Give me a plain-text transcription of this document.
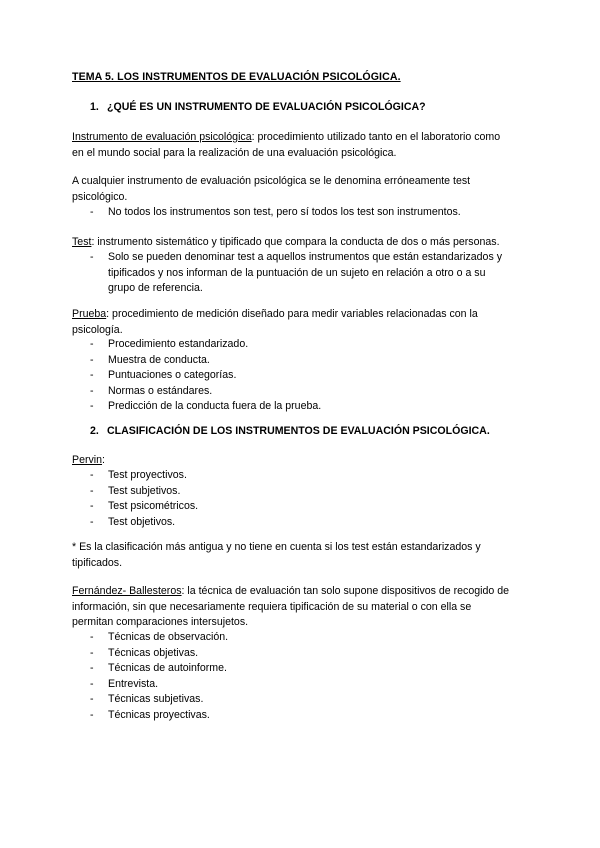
TEMA 5. LOS INSTRUMENTOS DE EVALUACIÓN PSICOLÓGICA.

1. ¿QUÉ ES UN INSTRUMENTO DE EVALUACIÓN PSICOLÓGICA?

Instrumento de evaluación psicológica: procedimiento utilizado tanto en el laboratorio como en el mundo social para la realización de una evaluación psicológica.

A cualquier instrumento de evaluación psicológica se le denomina erróneamente test psicológico.

- No todos los instrumentos son test, pero sí todos los test son instrumentos.

Test: instrumento sistemático y tipificado que compara la conducta de dos o más personas.

- Solo se pueden denominar test a aquellos instrumentos que están estandarizados y tipificados y nos informan de la puntuación de un sujeto en relación a otro o a su grupo de referencia.

Prueba: procedimiento de medición diseñado para medir variables relacionadas con la psicología.

- Procedimiento estandarizado.
- Muestra de conducta.
- Puntuaciones o categorías.
- Normas o estándares.
- Predicción de la conducta fuera de la prueba.

2. CLASIFICACIÓN DE LOS INSTRUMENTOS DE EVALUACIÓN PSICOLÓGICA.

Pervin:

- Test proyectivos.
- Test subjetivos.
- Test psicométricos.
- Test objetivos.

* Es la clasificación más antigua y no tiene en cuenta si los test están estandarizados y tipificados.

Fernández- Ballesteros: la técnica de evaluación tan solo supone dispositivos de recogido de información, sin que necesariamente requiera tipificación de su material o con ella se permitan comparaciones intersujetos.

- Técnicas de observación.
- Técnicas objetivas.
- Técnicas de autoinforme.
- Entrevista.
- Técnicas subjetivas.
- Técnicas proyectivas.
